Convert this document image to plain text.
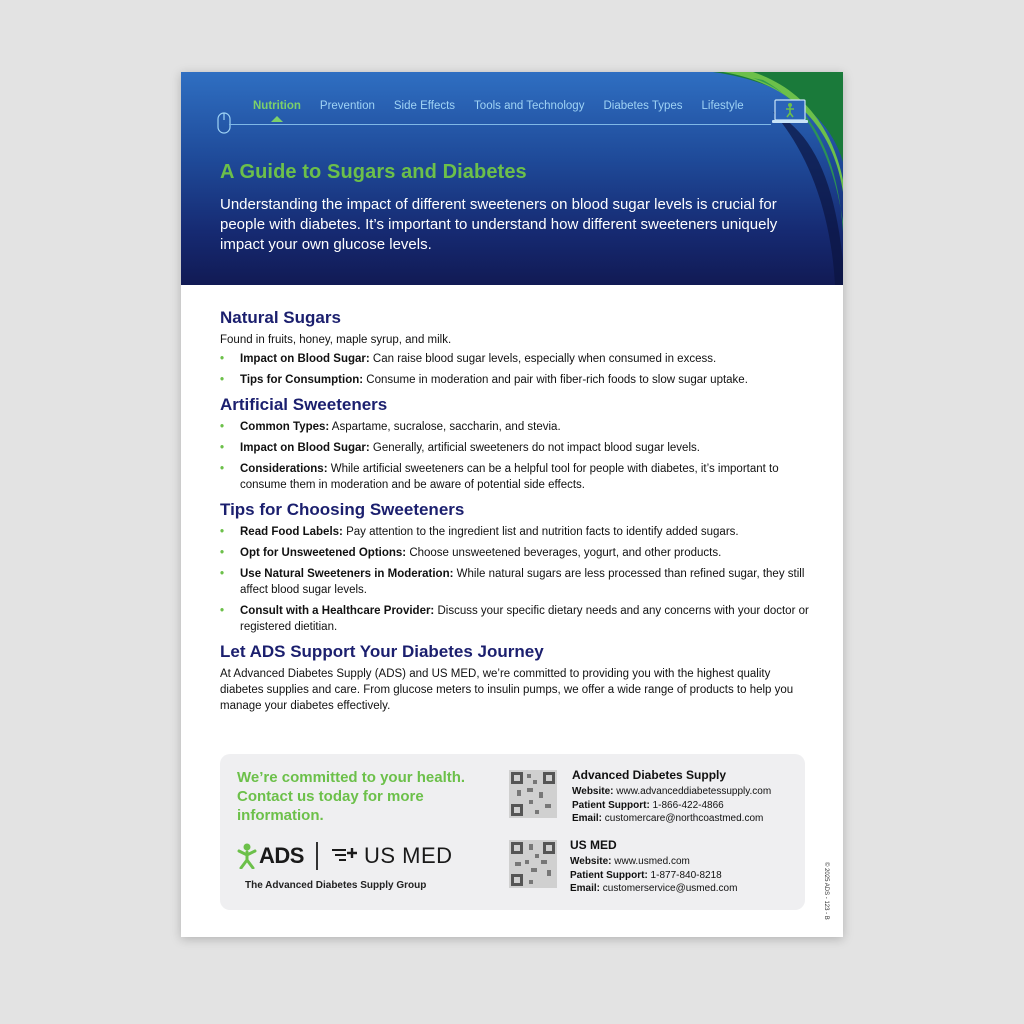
Nutrition Prevention Side Effects Tools and Technology Diabetes Types Lifestyle
A Guide to Sugars and Diabetes

Understanding the impact of different sweeteners on blood sugar levels is crucial for people with diabetes. It’s important to understand how different sweeteners uniquely impact your own glucose levels.

Natural Sugars

Found in fruits, honey, maple syrup, and milk.

• Impact on Blood Sugar: Can raise blood sugar levels, especially when consumed in excess.
• Tips for Consumption: Consume in moderation and pair with fiber-rich foods to slow sugar uptake.
Artificial Sweeteners
• Common Types: Aspartame, sucralose, saccharin, and stevia.
• Impact on Blood Sugar: Generally, artificial sweeteners do not impact blood sugar levels.
• Considerations: While artificial sweeteners can be a helpful tool for people with diabetes, it’s important to consume them in moderation and be aware of potential side effects.
Tips for Choosing Sweeteners
• Read Food Labels: Pay attention to the ingredient list and nutrition facts to identify added sugars.
• Opt for Unsweetened Options: Choose unsweetened beverages, yogurt, and other products.
• Use Natural Sweeteners in Moderation: While natural sugars are less processed than refined sugar, they still affect blood sugar levels.
• Consult with a Healthcare Provider: Discuss your specific dietary needs and any concerns with your doctor or registered dietitian.
Let ADS Support Your Diabetes Journey

At Advanced Diabetes Supply (ADS) and US MED, we’re committed to providing you with the highest quality diabetes supplies and care. From glucose meters to insulin pumps, we offer a wide range of products to help you manage your diabetes effectively.

We’re committed to your health. Contact us today for more information.

ADS	US MED

The Advanced Diabetes Supply Group

Advanced Diabetes Supply

Website: www.advanceddiabetessupply.com

Patient Support: 1-866-422-4866

Email: customercare@northcoastmed.com

US MED

Website: www.usmed.com

Patient Support: 1-877-840-8218

Email: customerservice@usmed.com	© 2025 ADS - 123 - B
